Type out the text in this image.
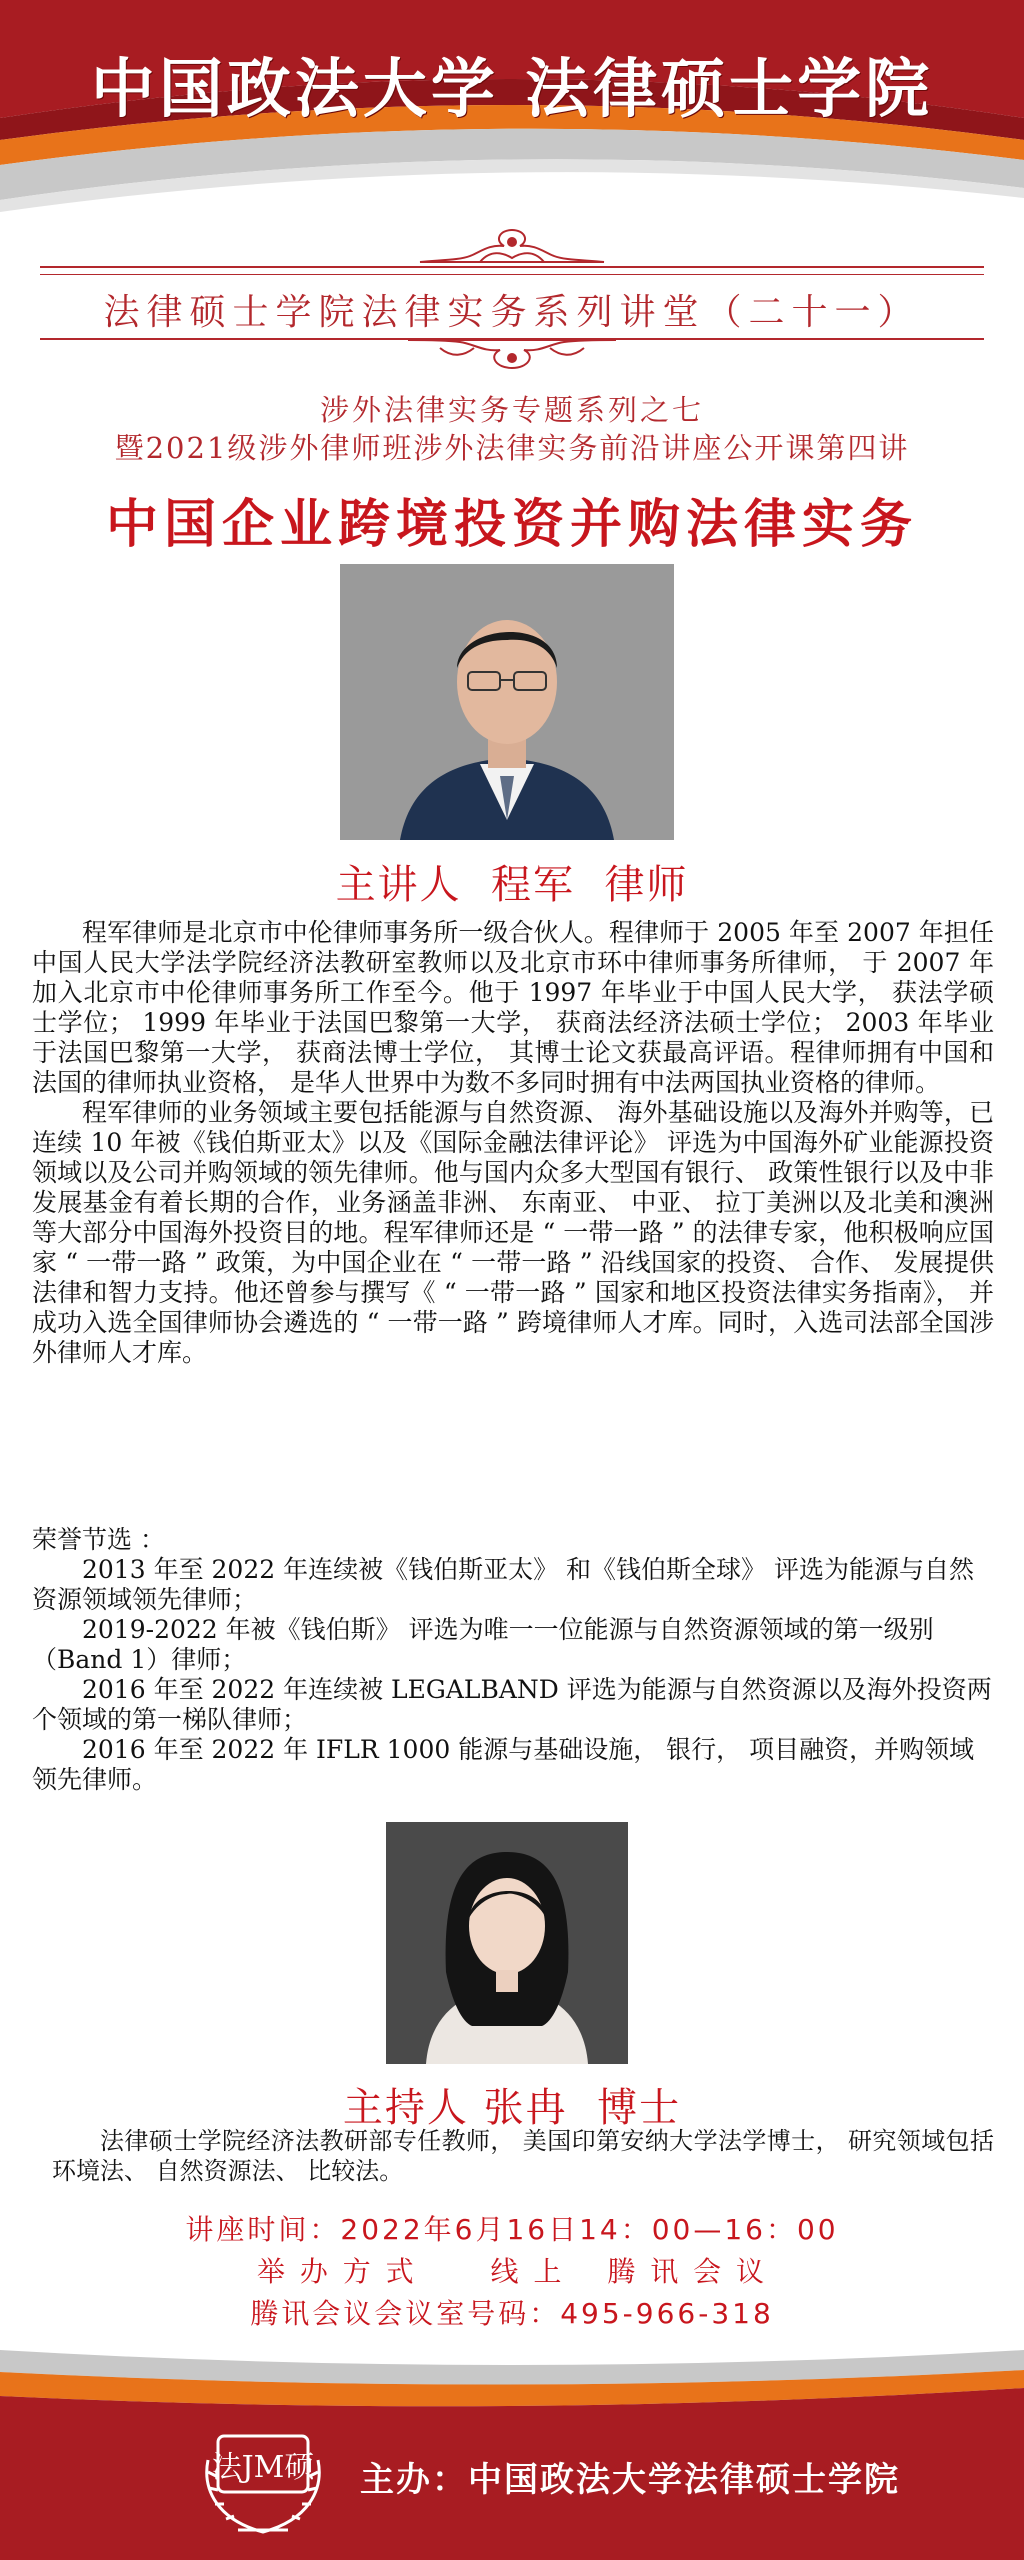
中国政法大学 法律硕士学院
法律硕士学院法律实务系列讲堂（二十一）
涉外法律实务专题系列之七
暨2021级涉外律师班涉外法律实务前沿讲座公开课第四讲
中国企业跨境投资并购法律实务
主讲人 程军 律师

程军律师是北京市中伦律师事务所一级合伙人。程律师于 2005 年至 2007 年担任中国人民大学法学院经济法教研室教师以及北京市环中律师事务所律师， 于 2007 年加入北京市中伦律师事务所工作至今。他于 1997 年毕业于中国人民大学， 获法学硕士学位； 1999 年毕业于法国巴黎第一大学， 获商法经济法硕士学位； 2003 年毕业于法国巴黎第一大学， 获商法博士学位， 其博士论文获最高评语。程律师拥有中国和法国的律师执业资格， 是华人世界中为数不多同时拥有中法两国执业资格的律师。

程军律师的业务领域主要包括能源与自然资源、 海外基础设施以及海外并购等，已连续 10 年被《钱伯斯亚太》以及《国际金融法律评论》 评选为中国海外矿业能源投资领域以及公司并购领域的领先律师。他与国内众多大型国有银行、 政策性银行以及中非发展基金有着长期的合作，业务涵盖非洲、 东南亚、 中亚、 拉丁美洲以及北美和澳洲等大部分中国海外投资目的地。程军律师还是 “ 一带一路 ” 的法律专家，他积极响应国家 “ 一带一路 ” 政策，为中国企业在 “ 一带一路 ” 沿线国家的投资、 合作、 发展提供法律和智力支持。他还曾参与撰写《 “ 一带一路 ” 国家和地区投资法律实务指南》， 并成功入选全国律师协会遴选的 “ 一带一路 ” 跨境律师人才库。同时，入选司法部全国涉外律师人才库。

荣誉节选 ：

2013 年至 2022 年连续被《钱伯斯亚太》 和《钱伯斯全球》 评选为能源与自然资源领域领先律师；

2019-2022 年被《钱伯斯》 评选为唯一一位能源与自然资源领域的第一级别（Band 1）律师；

2016 年至 2022 年连续被 LEGALBAND 评选为能源与自然资源以及海外投资两个领域的第一梯队律师；

2016 年至 2022 年 IFLR 1000 能源与基础设施， 银行， 项目融资，并购领域领先律师。

主持人 张冉 博士
法律硕士学院经济法教研部专任教师， 美国印第安纳大学法学博士， 研究领域包括环境法、 自然资源法、 比较法。
讲座时间：2022年6月16日14：00—16：00
举 办 方 式　　 线 上　 腾 讯 会 议
腾讯会议会议室号码：495-966-318
法JM硕	主办：中国政法大学法律硕士学院
